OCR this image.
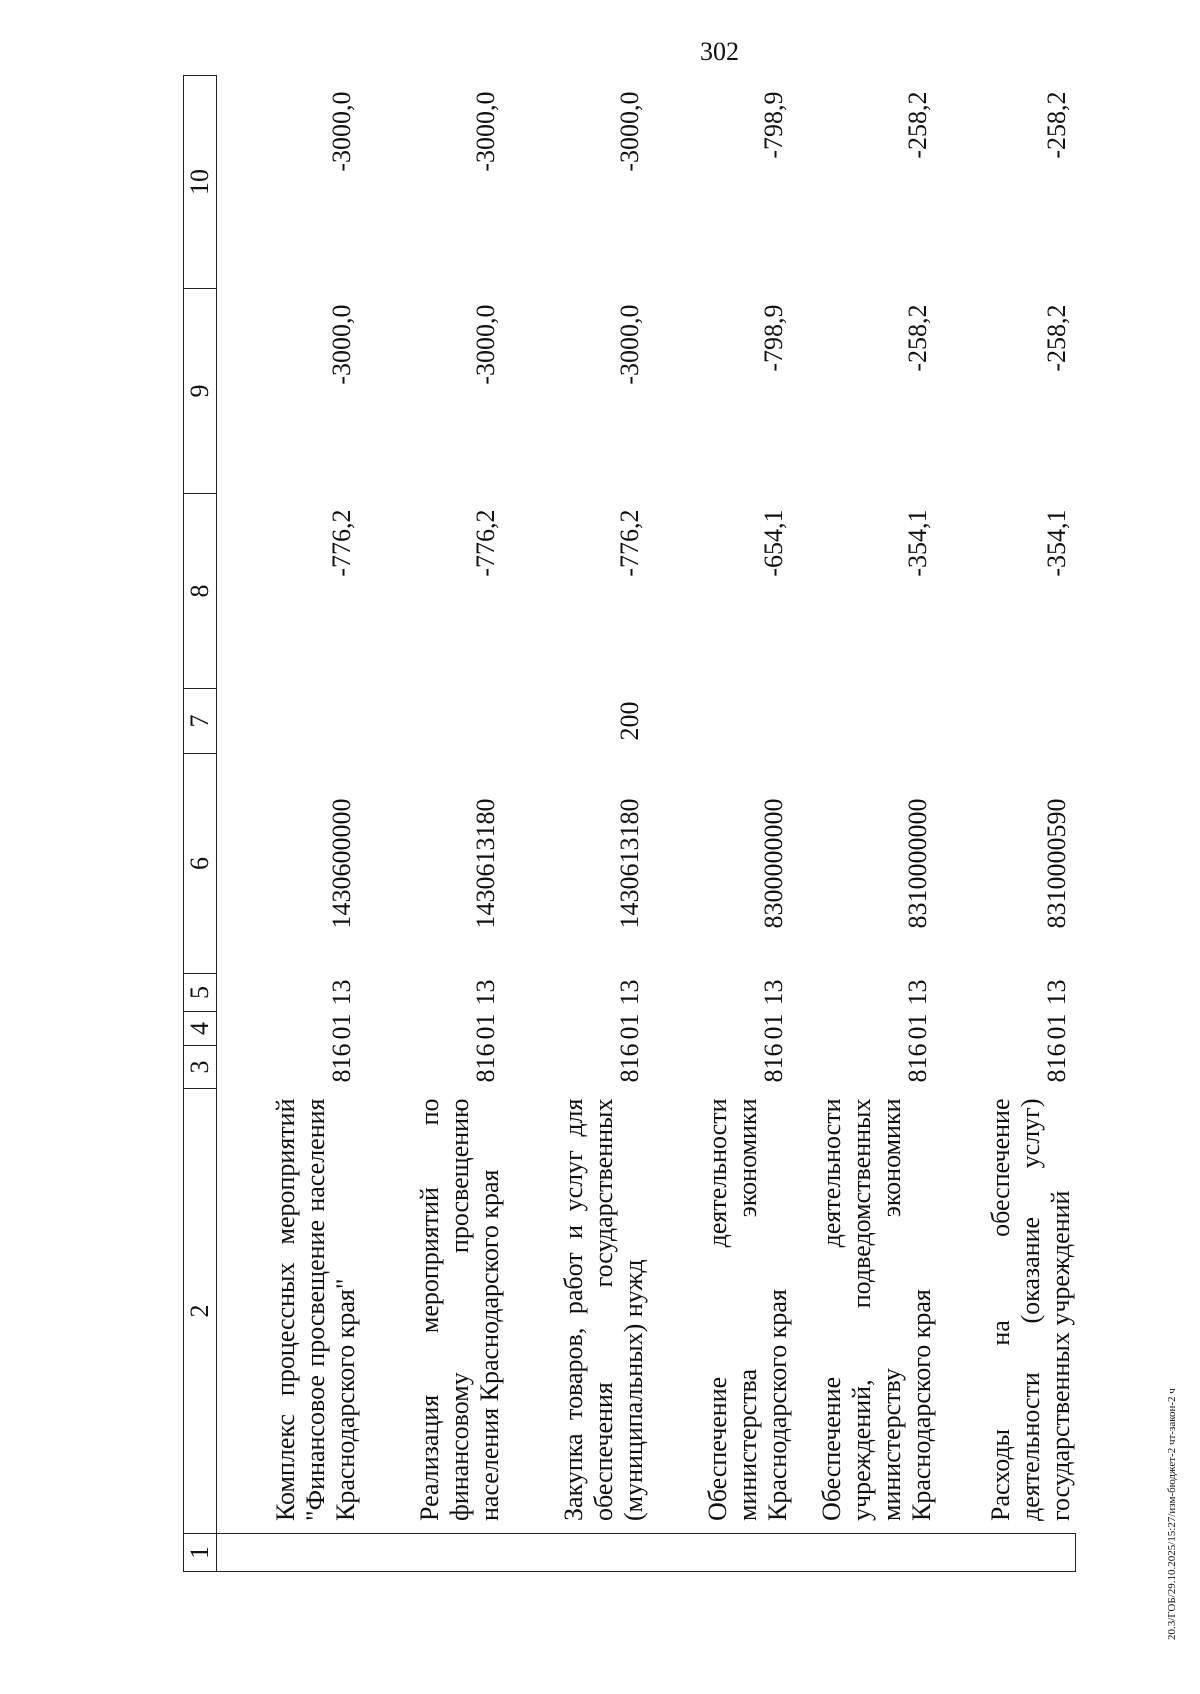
302
20.3/ГОБ/29.10.2025/15:27/изм-бюджет-2 чт-закон-2 ч
1	2	3	4	5	6	7	8	9	10
	Комплекс процессных мероприятий "Финансовое просвещение населения Краснодарского края"	816	01	13	1430600000		-776,2	-3000,0	-3000,0
	Реализация мероприятий по финансовому просвещению населения Краснодарского края	816	01	13	1430613180		-776,2	-3000,0	-3000,0
	Закупка товаров, работ и услуг для обеспечения государственных (муниципальных) нужд	816	01	13	1430613180	200	-776,2	-3000,0	-3000,0
	Обеспечение деятельности министерства экономики Краснодарского края	816	01	13	8300000000		-654,1	-798,9	-798,9
	Обеспечение деятельности учреждений, подведомственных министерству экономики Краснодарского края	816	01	13	8310000000		-354,1	-258,2	-258,2
	Расходы на обеспечение деятельности (оказание услуг) государственных учреждений	816	01	13	8310000590		-354,1	-258,2	-258,2
